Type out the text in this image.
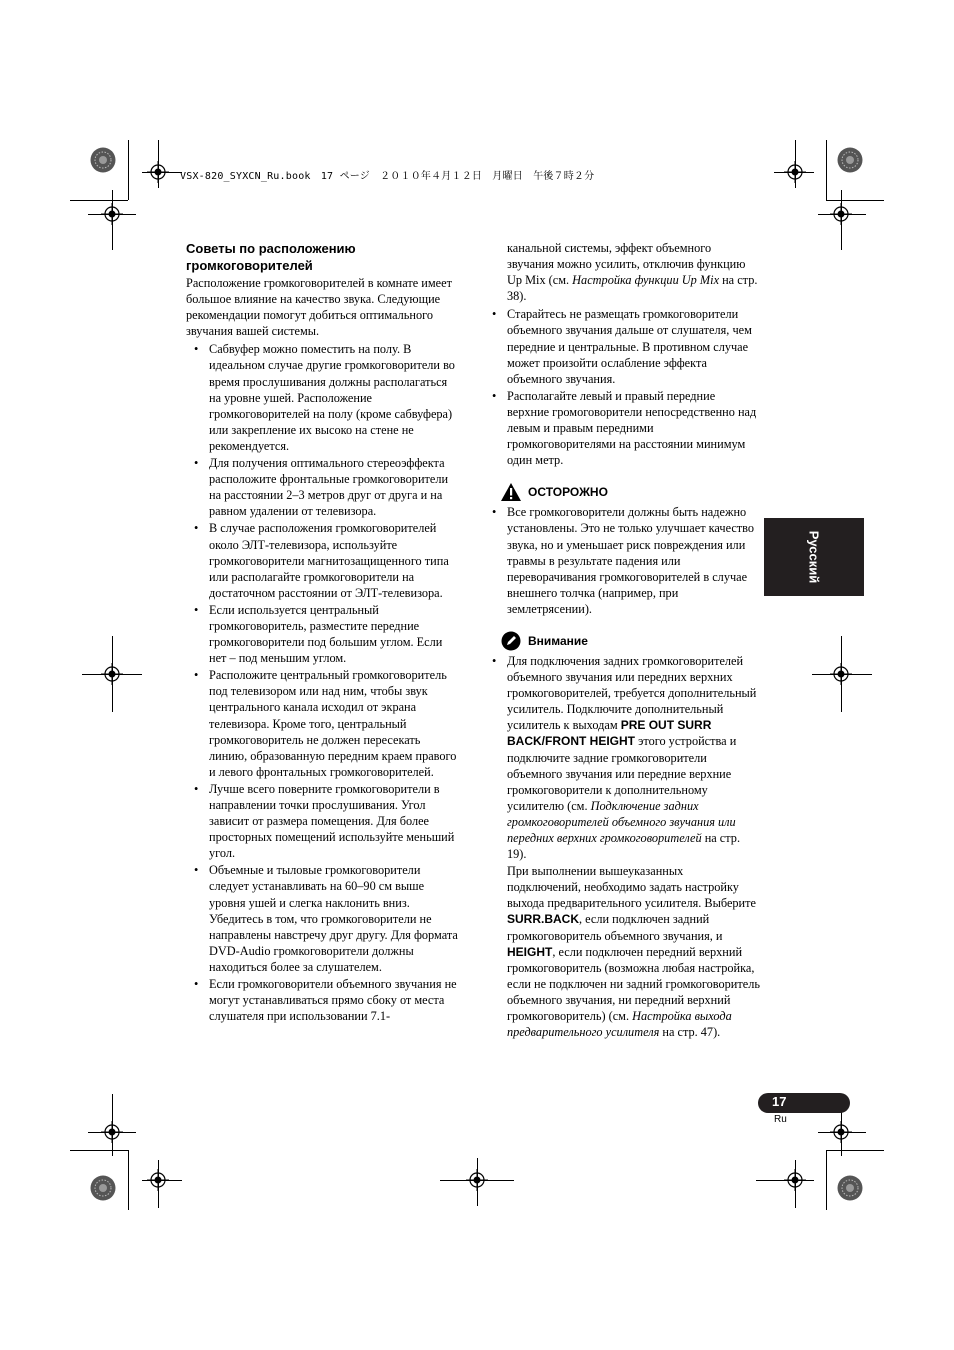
VSX-820_SYXCN_Ru.book　17 ページ　２０１０年４月１２日　月曜日　午後７時２分
Советы по расположению
громкоговорителей

Расположение громкоговорителей в комнате имеет большое влияние на качество звука. Следующие рекомендации помогут добиться оптимального звучания вашей системы.

• Сабвуфер можно поместить на полу. В идеальном случае другие громкоговорители во время прослушивания должны располагаться на уровне ушей. Расположение громкоговорителей на полу (кроме сабвуфера) или закрепление их высоко на стене не рекомендуется.
• Для получения оптимального стереоэффекта расположите фронтальные громкоговорители на расстоянии 2–3 метров друг от друга и на равном удалении от телевизора.
• В случае расположения громкоговорителей около ЭЛТ-телевизора, используйте громкоговорители магнитозащищенного типа или располагайте громкоговорители на достаточном расстоянии от ЭЛТ-телевизора.
• Если используется центральный громкоговоритель, разместите передние громкоговорители под большим углом. Если нет – под меньшим углом.
• Расположите центральный громкоговоритель под телевизором или над ним, чтобы звук центрального канала исходил от экрана телевизора. Кроме того, центральный громкоговоритель не должен пересекать линию, образованную передним краем правого и левого фронтальных громкоговорителей.
• Лучше всего поверните громкоговорители в направлении точки прослушивания. Угол зависит от размера помещения. Для более просторных помещений используйте меньший угол.
• Объемные и тыловые громкоговорители следует устанавливать на 60–90 см выше уровня ушей и слегка наклонить вниз. Убедитесь в том, что громкоговорители не направлены навстречу друг другу. Для формата DVD-Audio громкоговорители должны находиться более за слушателем.
• Если громкоговорители объемного звучания не могут устанавливаться прямо сбоку от места слушателя при использовании 7.1-

канальной системы, эффект объемного звучания можно усилить, отключив функцию Up Mix (см. Настройка функции Up Mix на стр. 38).

• Старайтесь не размещать громкоговорители объемного звучания дальше от слушателя, чем передние и центральные. В противном случае может произойти ослабление эффекта объемного звучания.
• Располагайте левый и правый передние верхние громоговорители непосредственно над левым и правым передними громкоговорителями на расстоянии минимум один метр.
ОСТОРОЖНО
• Все громкоговорители должны быть надежно установлены. Это не только улучшает качество звука, но и уменьшает риск повреждения или травмы в результате падения или переворачивания громкоговорителей в случае внешнего толчка (например, при землетрясении).
Внимание
• Для подключения задних громкоговорителей объемного звучания или передних верхних громкоговорителей, требуется дополнительный усилитель. Подключите дополнительный усилитель к выходам PRE OUT SURR BACK/FRONT HEIGHT этого устройства и подключите задние громкоговорители объемного звучания или передние верхние громкоговорители к дополнительному усилителю (см. Подключение задних громкоговорителей объемного звучания или передних верхних громкоговорителей на стр. 19).

При выполнении вышеуказанных подключений, необходимо задать настройку выхода предварительного усилителя. Выберите SURR.BACK, если подключен задний громкоговоритель объемного звучания, и HEIGHT, если подключен передний верхний громкоговоритель (возможна любая настройка, если не подключен ни задний громкоговоритель объемного звучания, ни передний верхний громкоговоритель) (см. Настройка выхода предварительного усилителя на стр. 47).

Русский
17
Ru
